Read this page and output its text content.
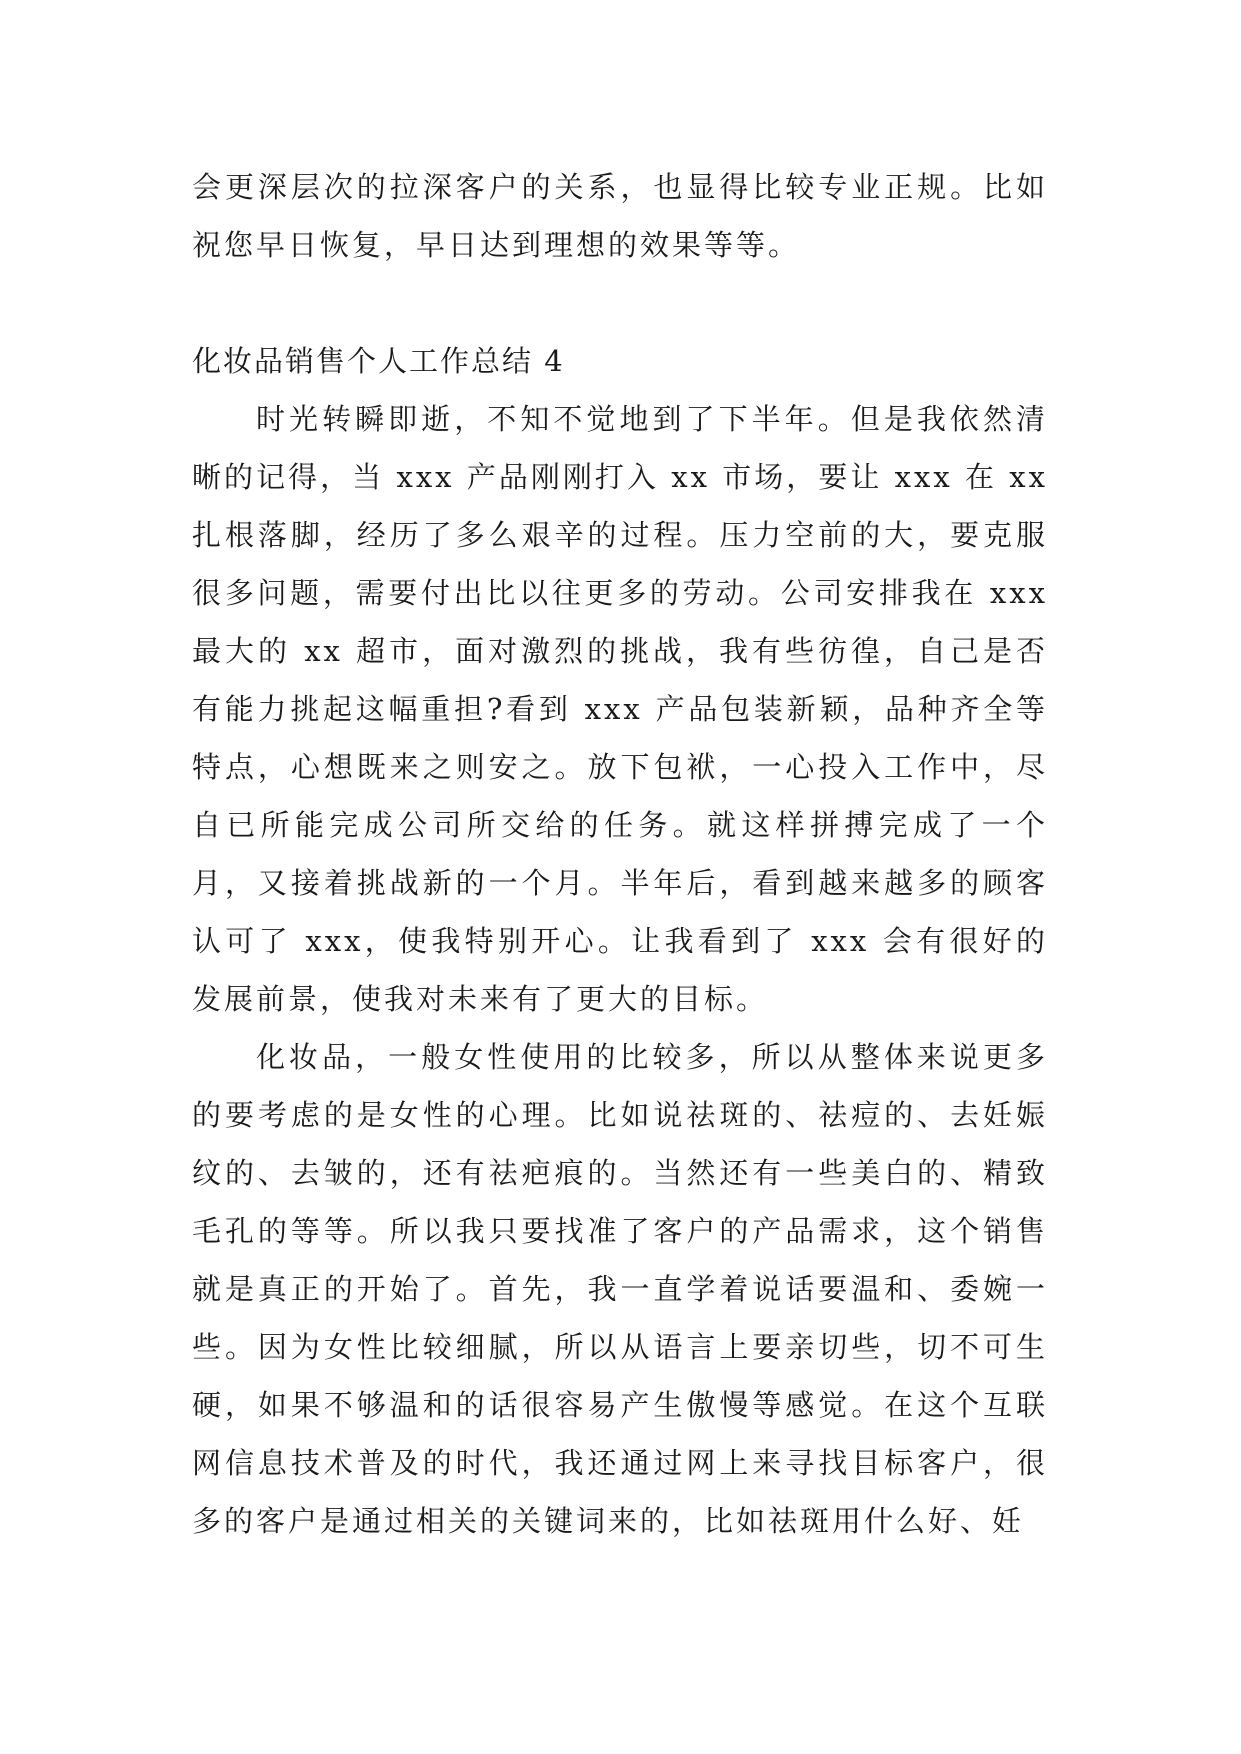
会更深层次的拉深客户的关系，也显得比较专业正规。比如祝您早日恢复，早日达到理想的效果等等。

化妆品销售个人工作总结 4

时光转瞬即逝，不知不觉地到了下半年。但是我依然清晰的记得，当 xxx 产品刚刚打入 xx 市场，要让 xxx 在 xx 扎根落脚，经历了多么艰辛的过程。压力空前的大，要克服很多问题，需要付出比以往更多的劳动。公司安排我在 xxx 最大的 xx 超市，面对激烈的挑战，我有些彷徨，自己是否有能力挑起这幅重担?看到 xxx 产品包装新颖，品种齐全等特点，心想既来之则安之。放下包袱，一心投入工作中，尽自已所能完成公司所交给的任务。就这样拼搏完成了一个月，又接着挑战新的一个月。半年后，看到越来越多的顾客认可了 xxx，使我特别开心。让我看到了 xxx 会有很好的发展前景，使我对未来有了更大的目标。

化妆品，一般女性使用的比较多，所以从整体来说更多的要考虑的是女性的心理。比如说祛斑的、祛痘的、去妊娠纹的、去皱的，还有祛疤痕的。当然还有一些美白的、精致毛孔的等等。所以我只要找准了客户的产品需求，这个销售就是真正的开始了。首先，我一直学着说话要温和、委婉一些。因为女性比较细腻，所以从语言上要亲切些，切不可生硬，如果不够温和的话很容易产生傲慢等感觉。在这个互联网信息技术普及的时代，我还通过网上来寻找目标客户，很多的客户是通过相关的关键词来的，比如祛斑用什么好、妊
